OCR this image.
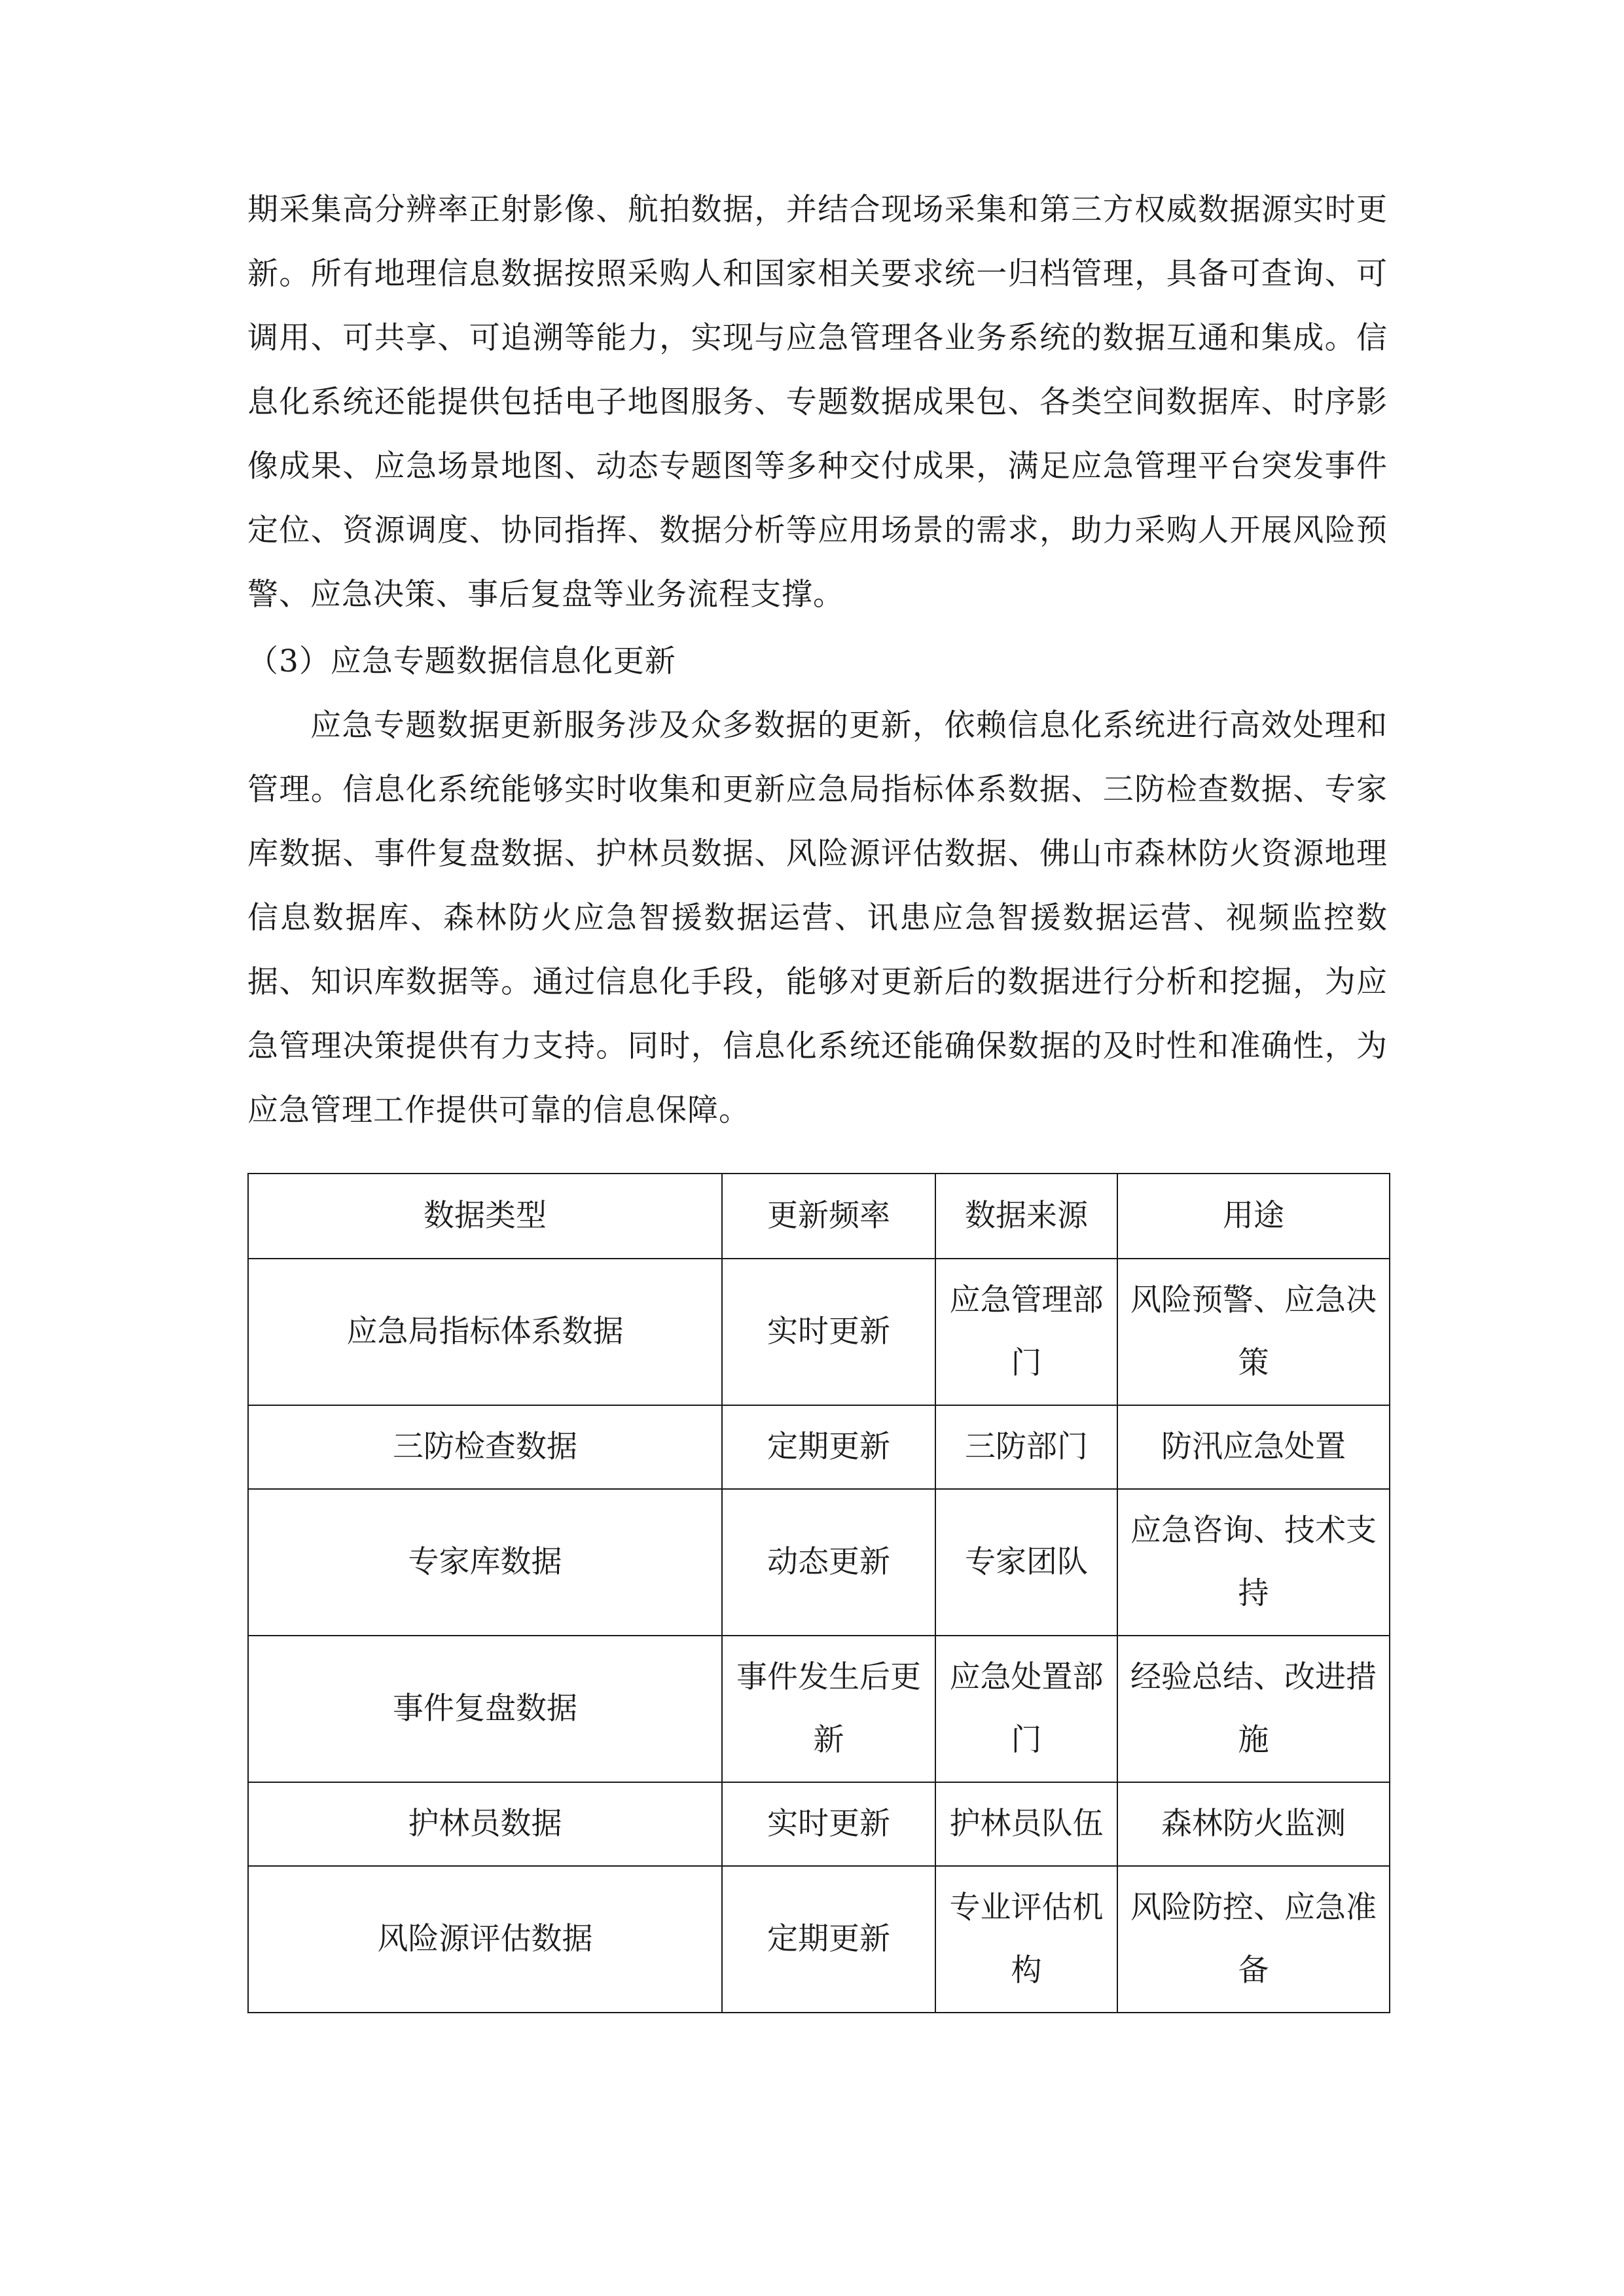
期采集高分辨率正射影像、航拍数据，并结合现场采集和第三方权威数据源实时更新。所有地理信息数据按照采购人和国家相关要求统一归档管理，具备可查询、可调用、可共享、可追溯等能力，实现与应急管理各业务系统的数据互通和集成。信息化系统还能提供包括电子地图服务、专题数据成果包、各类空间数据库、时序影像成果、应急场景地图、动态专题图等多种交付成果，满足应急管理平台突发事件定位、资源调度、协同指挥、数据分析等应用场景的需求，助力采购人开展风险预警、应急决策、事后复盘等业务流程支撑。

（3）应急专题数据信息化更新

应急专题数据更新服务涉及众多数据的更新，依赖信息化系统进行高效处理和管理。信息化系统能够实时收集和更新应急局指标体系数据、三防检查数据、专家库数据、事件复盘数据、护林员数据、风险源评估数据、佛山市森林防火资源地理信息数据库、森林防火应急智援数据运营、讯患应急智援数据运营、视频监控数据、知识库数据等。通过信息化手段，能够对更新后的数据进行分析和挖掘，为应急管理决策提供有力支持。同时，信息化系统还能确保数据的及时性和准确性，为应急管理工作提供可靠的信息保障。

数据类型	更新频率	数据来源	用途
应急局指标体系数据	实时更新	应急管理部门	风险预警、应急决策
三防检查数据	定期更新	三防部门	防汛应急处置
专家库数据	动态更新	专家团队	应急咨询、技术支持
事件复盘数据	事件发生后更新	应急处置部门	经验总结、改进措施
护林员数据	实时更新	护林员队伍	森林防火监测
风险源评估数据	定期更新	专业评估机构	风险防控、应急准备
